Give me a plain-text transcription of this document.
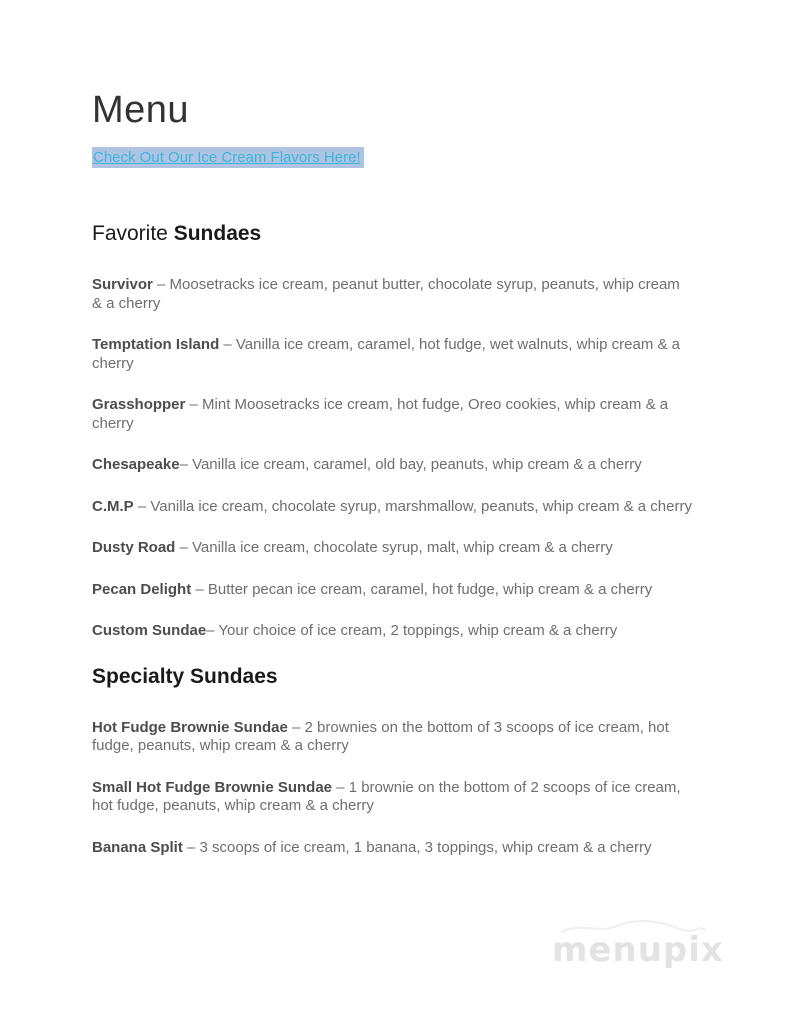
Menu
Check Out Our Ice Cream Flavors Here!
Favorite Sundaes

Survivor – Moosetracks ice cream, peanut butter, chocolate syrup, peanuts, whip cream & a cherry

Temptation Island – Vanilla ice cream, caramel, hot fudge, wet walnuts, whip cream & a cherry

Grasshopper – Mint Moosetracks ice cream, hot fudge, Oreo cookies, whip cream & a cherry

Chesapeake– Vanilla ice cream, caramel, old bay, peanuts, whip cream & a cherry

C.M.P – Vanilla ice cream, chocolate syrup, marshmallow, peanuts, whip cream & a cherry

Dusty Road – Vanilla ice cream, chocolate syrup, malt, whip cream & a cherry

Pecan Delight – Butter pecan ice cream, caramel, hot fudge, whip cream & a cherry

Custom Sundae– Your choice of ice cream, 2 toppings, whip cream & a cherry

Specialty Sundaes

Hot Fudge Brownie Sundae – 2 brownies on the bottom of 3 scoops of ice cream, hot fudge, peanuts, whip cream & a cherry

Small Hot Fudge Brownie Sundae – 1 brownie on the bottom of 2 scoops of ice cream, hot fudge, peanuts, whip cream & a cherry

Banana Split – 3 scoops of ice cream, 1 banana, 3 toppings, whip cream & a cherry

menupix
